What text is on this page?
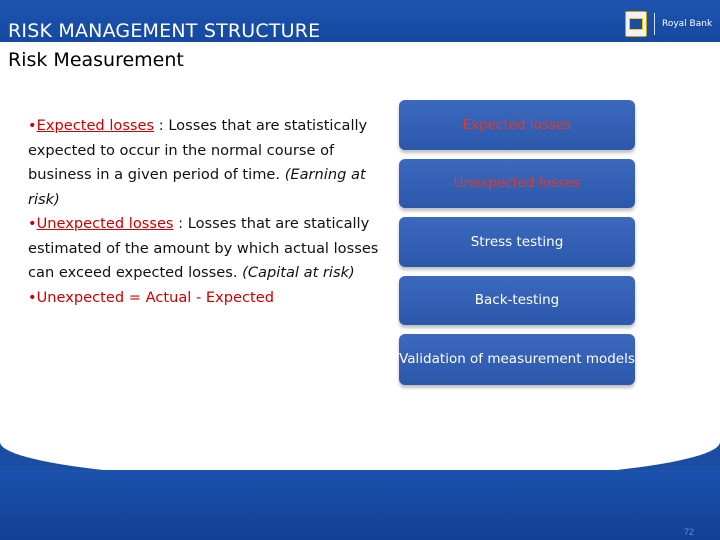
RISK MANAGEMENT STRUCTURE
Risk Measurement
Royal Bank
•Expected losses : Losses that are statistically expected to occur in the normal course of business in a given period of time. (Earning at risk)
•Unexpected losses : Losses that are statically estimated of the amount by which actual losses can exceed expected losses. (Capital at risk)
•Unexpected = Actual - Expected
Expected losses
Unexpected losses
Stress testing
Back-testing
Validation of measurement models
72
